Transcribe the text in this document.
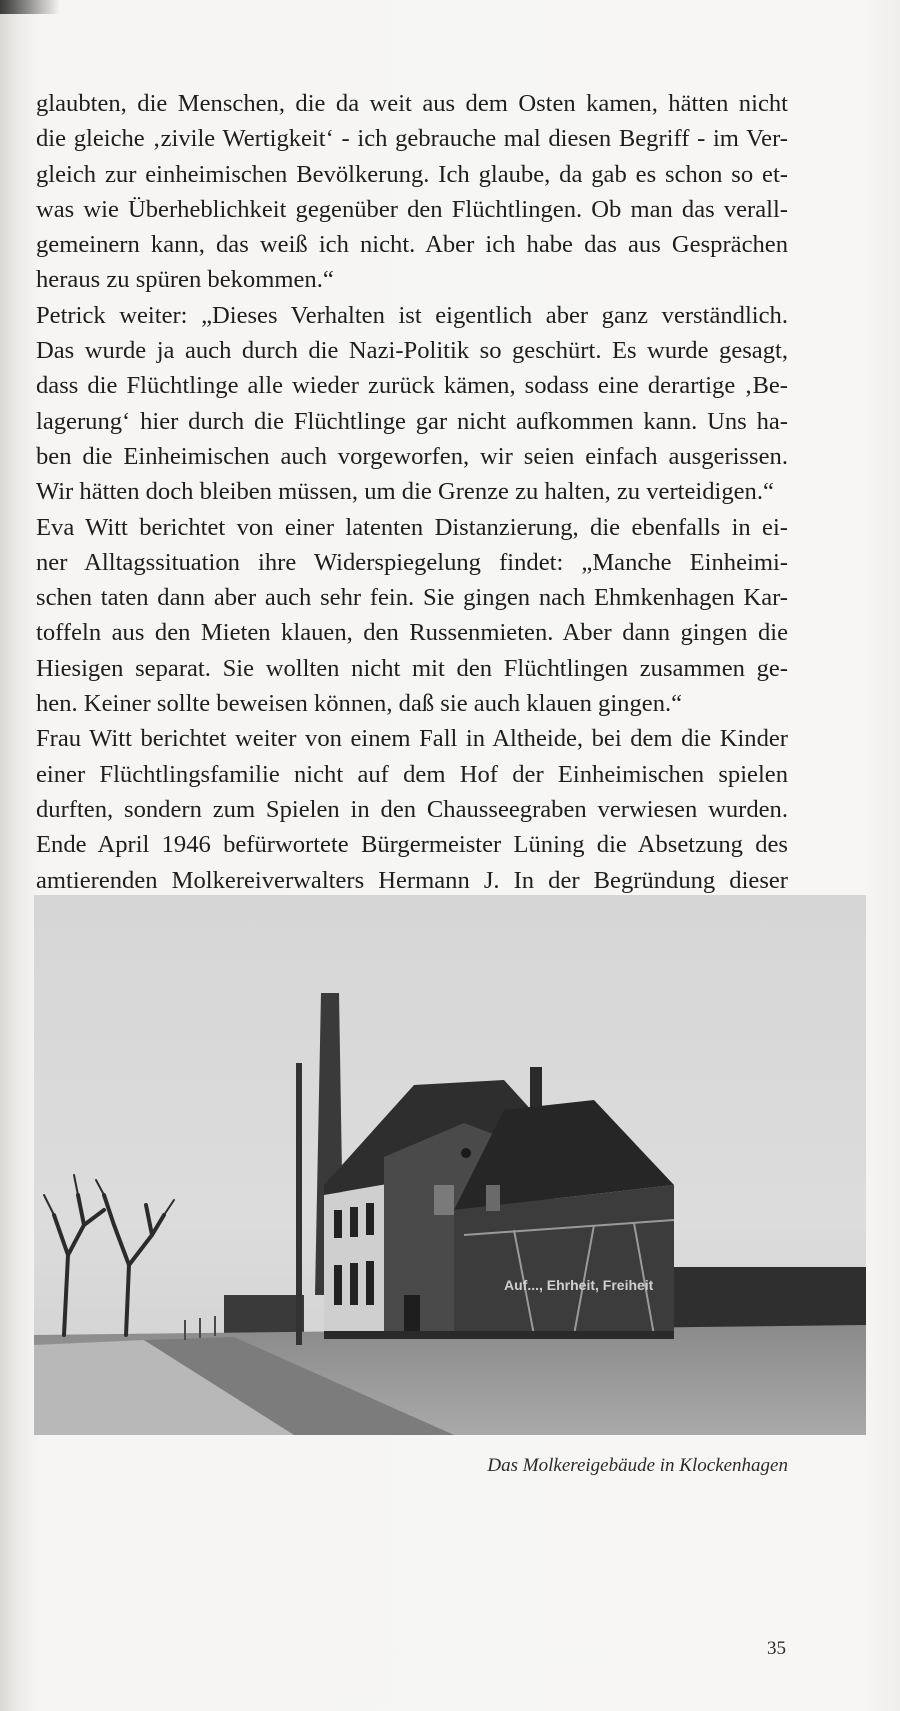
glaubten, die Menschen, die da weit aus dem Osten kamen, hätten nicht
die gleiche ‚zivile Wertigkeit‘ - ich gebrauche mal diesen Begriff - im Ver-
gleich zur einheimischen Bevölkerung. Ich glaube, da gab es schon so et-
was wie Überheblichkeit gegenüber den Flüchtlingen. Ob man das verall-
gemeinern kann, das weiß ich nicht. Aber ich habe das aus Gesprächen
heraus zu spüren bekommen.“
Petrick weiter: „Dieses Verhalten ist eigentlich aber ganz verständlich.
Das wurde ja auch durch die Nazi-Politik so geschürt. Es wurde gesagt,
dass die Flüchtlinge alle wieder zurück kämen, sodass eine derartige ‚Be-
lagerung‘ hier durch die Flüchtlinge gar nicht aufkommen kann. Uns ha-
ben die Einheimischen auch vorgeworfen, wir seien einfach ausgerissen.
Wir hätten doch bleiben müssen, um die Grenze zu halten, zu verteidigen.“
Eva Witt berichtet von einer latenten Distanzierung, die ebenfalls in ei-
ner Alltagssituation ihre Widerspiegelung findet: „Manche Einheimi-
schen taten dann aber auch sehr fein. Sie gingen nach Ehmkenhagen Kar-
toffeln aus den Mieten klauen, den Russenmieten. Aber dann gingen die
Hiesigen separat. Sie wollten nicht mit den Flüchtlingen zusammen ge-
hen. Keiner sollte beweisen können, daß sie auch klauen gingen.“
Frau Witt berichtet weiter von einem Fall in Altheide, bei dem die Kinder
einer Flüchtlingsfamilie nicht auf dem Hof der Einheimischen spielen
durften, sondern zum Spielen in den Chausseegraben verwiesen wurden.
Ende April 1946 befürwortete Bürgermeister Lüning die Absetzung des
amtierenden Molkereiverwalters Hermann J. In der Begründung dieser
Auf..., Ehrheit, Freiheit
Das Molkereigebäude in Klockenhagen
35
